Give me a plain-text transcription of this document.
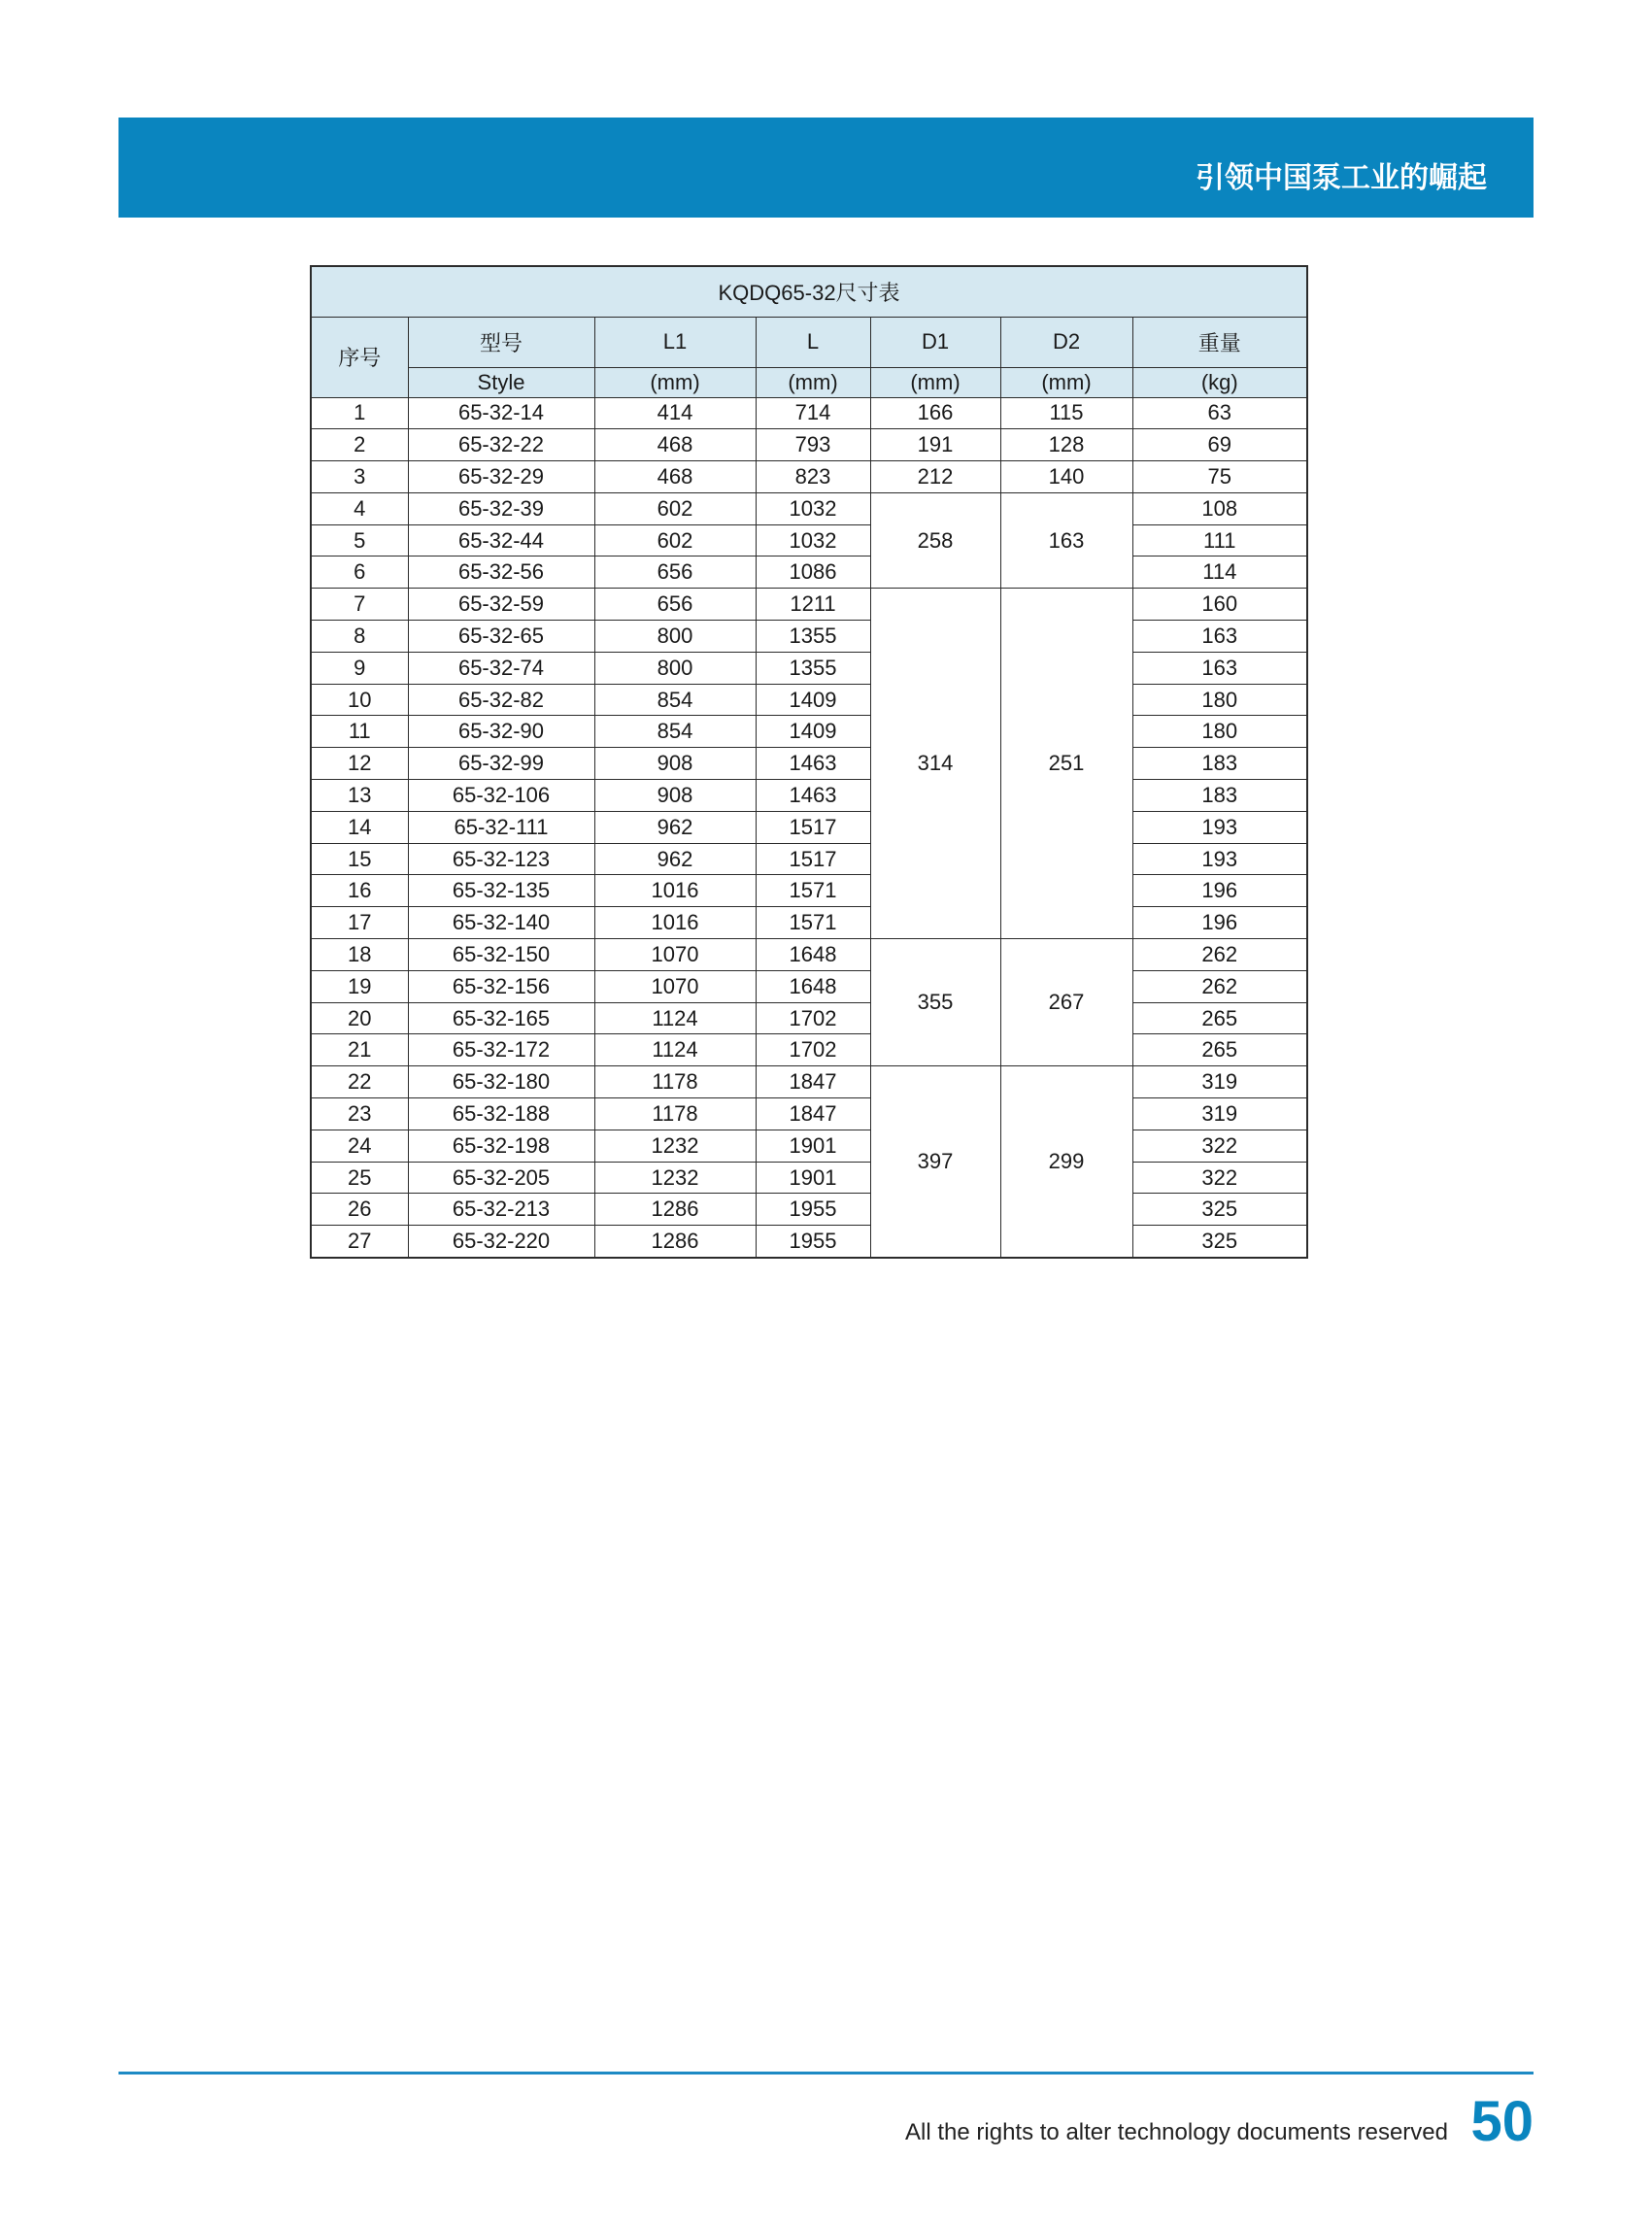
引领中国泵工业的崛起
KQDQ65-32尺寸表						
序号	型号	L1	L	D1	D2	重量
	Style	(mm)	(mm)	(mm)	(mm)	(kg)
1	65-32-14	414	714	166	115	63
2	65-32-22	468	793	191	128	69
3	65-32-29	468	823	212	140	75
4	65-32-39	602	1032	258	163	108
5	65-32-44	602	1032			111
6	65-32-56	656	1086			114
7	65-32-59	656	1211	314	251	160
8	65-32-65	800	1355			163
9	65-32-74	800	1355			163
10	65-32-82	854	1409			180
11	65-32-90	854	1409			180
12	65-32-99	908	1463			183
13	65-32-106	908	1463			183
14	65-32-111	962	1517			193
15	65-32-123	962	1517			193
16	65-32-135	1016	1571			196
17	65-32-140	1016	1571			196
18	65-32-150	1070	1648	355	267	262
19	65-32-156	1070	1648			262
20	65-32-165	1124	1702			265
21	65-32-172	1124	1702			265
22	65-32-180	1178	1847	397	299	319
23	65-32-188	1178	1847			319
24	65-32-198	1232	1901			322
25	65-32-205	1232	1901			322
26	65-32-213	1286	1955			325
27	65-32-220	1286	1955			325
All the rights to alter technology documents reserved 50
